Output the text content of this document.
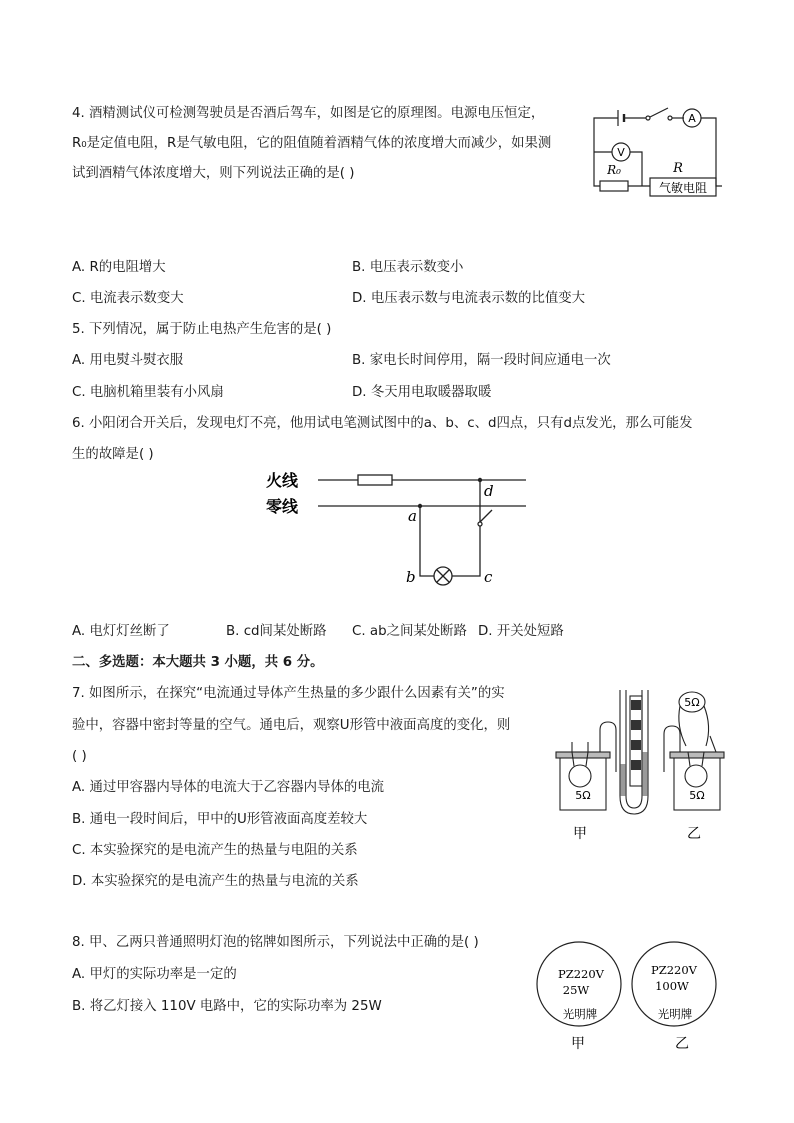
4. 酒精测试仪可检测驾驶员是否酒后驾车，如图是它的原理图。电源电压恒定，
R₀是定值电阻，R是气敏电阻，它的阻值随着酒精气体的浓度增大而减少，如果测
试到酒精气体浓度增大，则下列说法正确的是( )
A
V
R₀	R
气敏电阻
A. R的电阻增大	B. 电压表示数变小
C. 电流表示数变大	D. 电压表示数与电流表示数的比值变大
5. 下列情况，属于防止电热产生危害的是( )
A. 用电熨斗熨衣服	B. 家电长时间停用，隔一段时间应通电一次
C. 电脑机箱里装有小风扇	D. 冬天用电取暖器取暖
6. 小阳闭合开关后，发现电灯不亮，他用试电笔测试图中的a、b、c、d四点，只有d点发光，那么可能发
生的故障是( )
火线
零线	a
b	c
d
A. 电灯灯丝断了	B. cd间某处断路 C. ab之间某处断路 D. 开关处短路
二、多选题：本大题共 3 小题，共 6 分。
7. 如图所示，在探究“电流通过导体产生热量的多少跟什么因素有关”的实
验中，容器中密封等量的空气。通电后，观察U形管中液面高度的变化，则
( )
5Ω	5Ω
5Ω
甲	乙
A. 通过甲容器内导体的电流大于乙容器内导体的电流
B. 通电一段时间后，甲中的U形管液面高度差较大
C. 本实验探究的是电流产生的热量与电阻的关系
D. 本实验探究的是电流产生的热量与电流的关系
8. 甲、乙两只普通照明灯泡的铭牌如图所示，下列说法中正确的是( )
PZ220V
25W
光明牌
PZ220V
100W
光明牌
甲	乙
A. 甲灯的实际功率是一定的
B. 将乙灯接入 110V 电路中，它的实际功率为 25W
